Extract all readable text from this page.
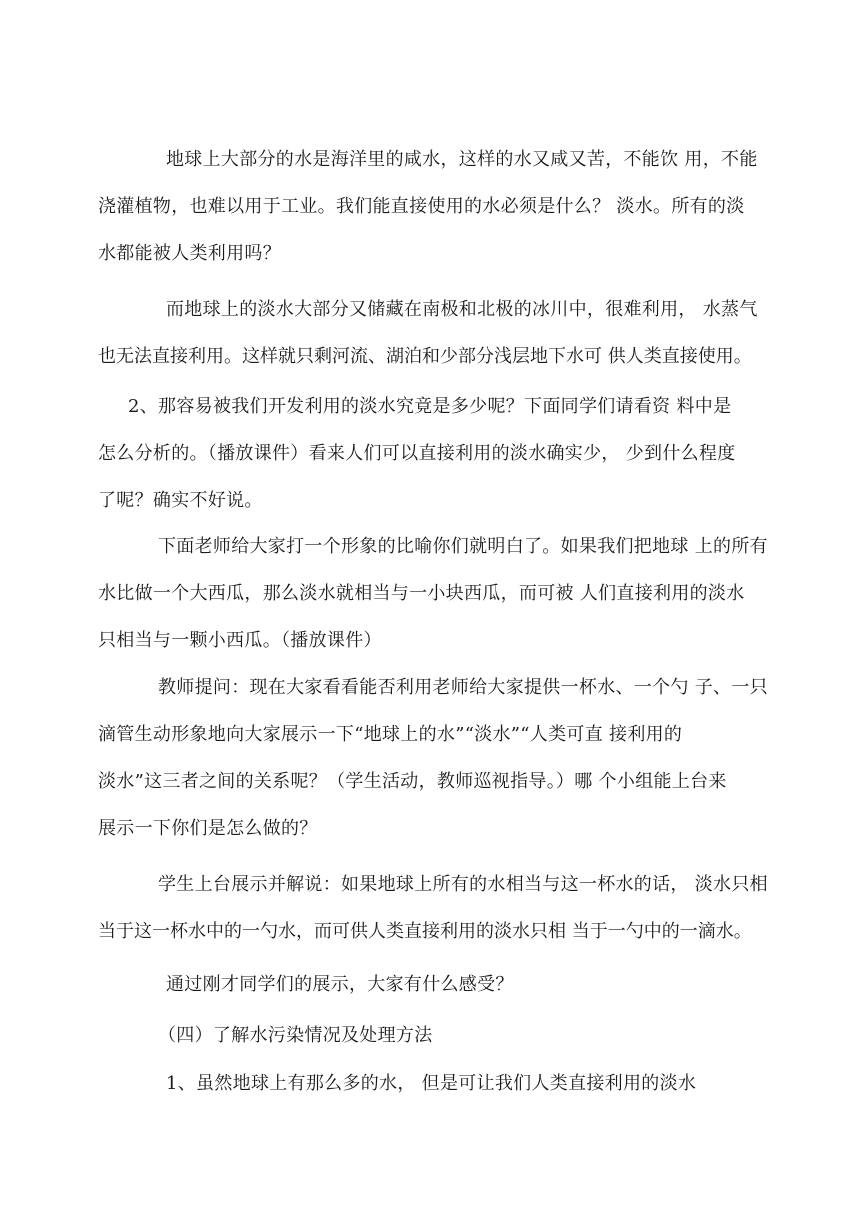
地球上大部分的水是海洋里的咸水，这样的水又咸又苦，不能饮 用，不能
浇灌植物，也难以用于工业。我们能直接使用的水必须是什么？ 淡水。所有的淡
水都能被人类利用吗？
而地球上的淡水大部分又储藏在南极和北极的冰川中，很难利用， 水蒸气
也无法直接利用。这样就只剩河流、湖泊和少部分浅层地下水可 供人类直接使用。
2、那容易被我们开发利用的淡水究竟是多少呢？下面同学们请看资 料中是
怎么分析的。（播放课件）看来人们可以直接利用的淡水确实少， 少到什么程度
了呢？确实不好说。
下面老师给大家打一个形象的比喻你们就明白了。如果我们把地球 上的所有
水比做一个大西瓜，那么淡水就相当与一小块西瓜，而可被 人们直接利用的淡水
只相当与一颗小西瓜。（播放课件）
教师提问：现在大家看看能否利用老师给大家提供一杯水、一个勺 子、一只
滴管生动形象地向大家展示一下“地球上的水”“淡水”“人类可直 接利用的
淡水”这三者之间的关系呢？（学生活动，教师巡视指导。）哪 个小组能上台来
展示一下你们是怎么做的？
学生上台展示并解说：如果地球上所有的水相当与这一杯水的话， 淡水只相
当于这一杯水中的一勺水，而可供人类直接利用的淡水只相 当于一勺中的一滴水。
通过刚才同学们的展示，大家有什么感受？
（四）了解水污染情况及处理方法
1、虽然地球上有那么多的水， 但是可让我们人类直接利用的淡水
